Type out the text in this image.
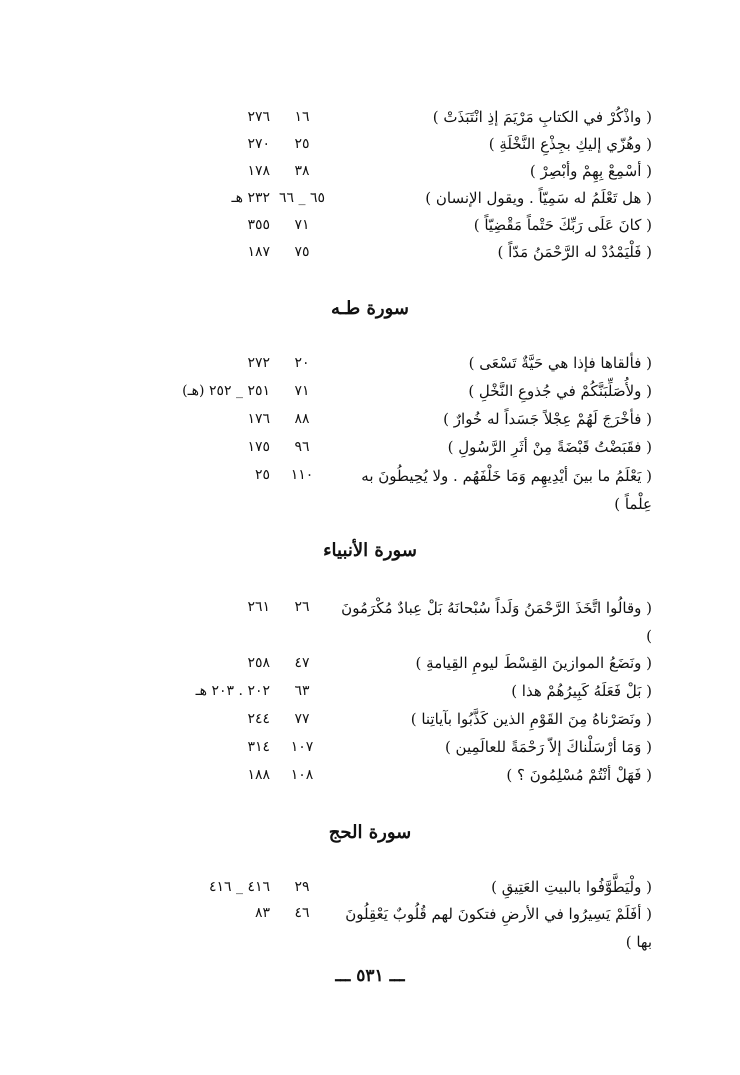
( واذْكُرْ في الكتابِ مَرْيَمَ إذِ انْتَبَذَتْ )
١٦
٢٧٦
( وهُزّي إليكِ بجِذْعِ النَّخْلَةِ )
٢٥
٢٧٠
( أسْمِعْ بِهِمْ وأبْصِرْ )
٣٨
١٧٨
( هل تَعْلَمُ له سَمِيّاً . ويقول الإنسان )
٦٥ _ ٦٦
٢٣٢ هـ
( كانَ عَلَى رَبِّكَ حَتْماً مَقْضِيّاً )
٧١
٣٥٥
( فَلْيَمْدُدْ له الرَّحْمَنُ مَدّاً )
٧٥
١٨٧
سورة طـه
( فألقاها فإذا هي حَيَّةٌ تَسْعَى )
٢٠
٢٧٢
( ولأُصَلِّبَنَّكُمْ في جُذوعِ النَّخْلِ )
٧١
٢٥١ _ ٢٥٢ (هـ)
( فأخْرَجَ لَهُمْ عِجْلاً جَسَداً له خُوارٌ )
٨٨
١٧٦
( فقَبَضْتُ قَبْضَةً مِنْ أثَرِ الرَّسُولِ )
٩٦
١٧٥
( يَعْلَمُ ما بينَ أيْدِيهِم وَمَا خَلْفَهُم . ولا يُحِيطُونَ به عِلْماً )
١١٠
٢٥
سورة الأنبياء
( وقالُوا اتَّخَذَ الرَّحْمَنُ وَلَداً سُبْحانَهُ بَلْ عِبادٌ مُكْرَمُونَ )
٢٦
٢٦١
( ونَضَعُ الموازينَ القِسْطَ ليومِ القِيامةِ )
٤٧
٢٥٨
( بَلْ فَعَلَهُ كَبِيرُهُمْ هذا )
٦٣
٢٠٢ . ٢٠٣ هـ
( ونَصَرْناهُ مِنَ القَوْمِ الذين كَذَّبُوا بآياتِنا )
٧٧
٢٤٤
( وَمَا أرْسَلْناكَ إلاّ رَحْمَةً للعالَمِين )
١٠٧
٣١٤
( فَهَلْ أنْتُمْ مُسْلِمُونَ ؟ )
١٠٨
١٨٨
سورة الحج
( ولْيَطَّوَّفُوا بالبيتِ العَتِيقِ )
٢٩
٤١٦ _ ٤١٦
( أفَلَمْ يَسِيرُوا في الأرضِ فتكونَ لهم قُلُوبٌ يَعْقِلُونَ بها )
٤٦
٨٣
ـــ ٥٣١ ـــ
